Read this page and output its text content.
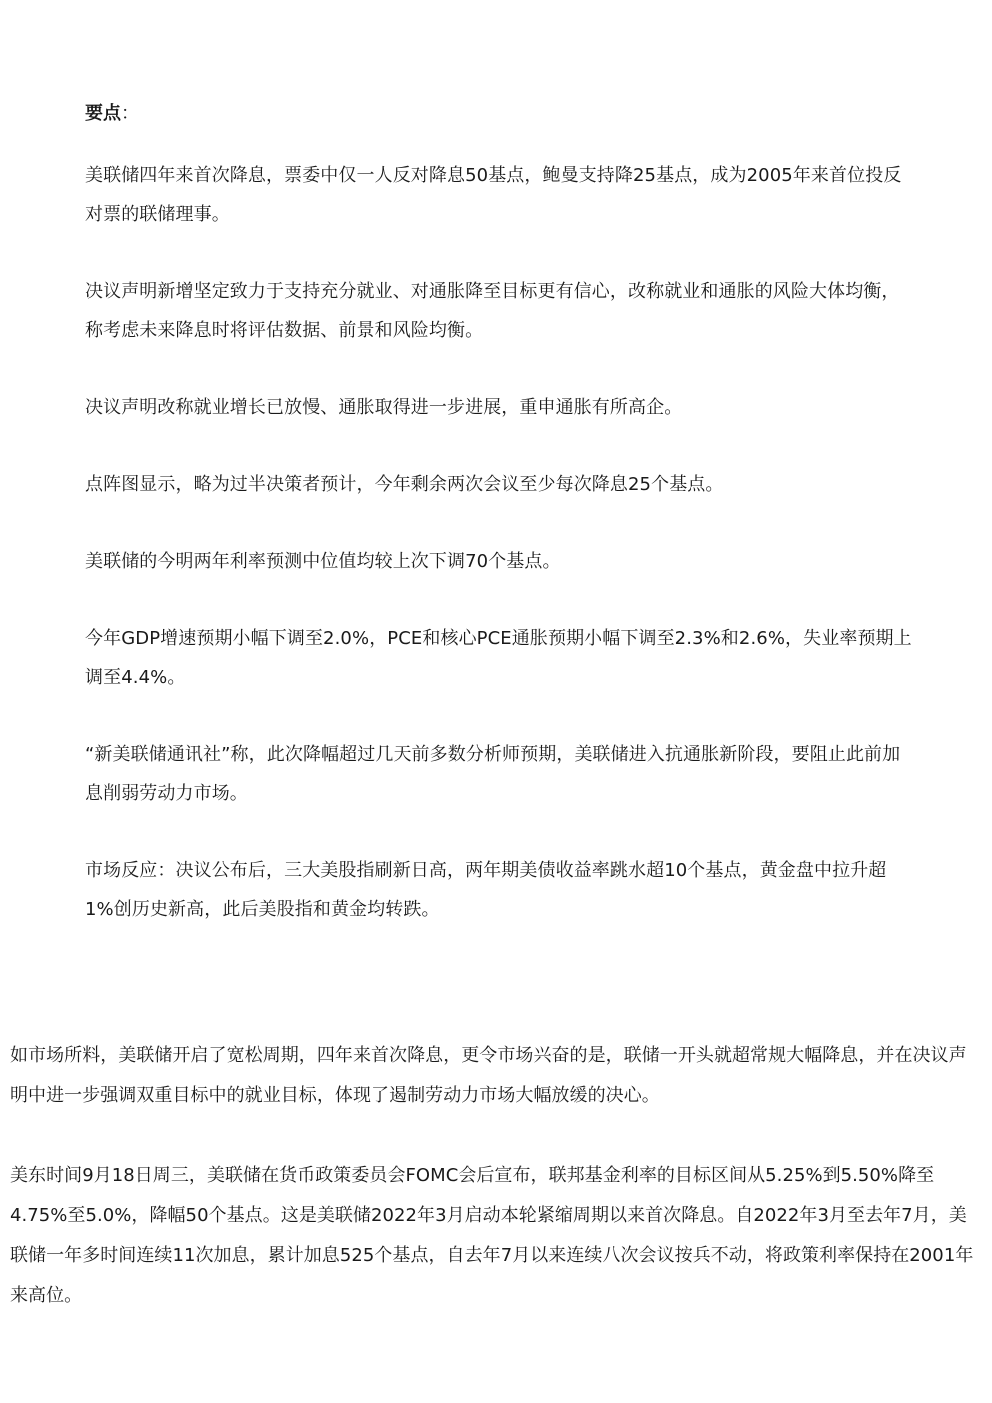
要点：

美联储四年来首次降息，票委中仅一人反对降息50基点，鲍曼支持降25基点，成为2005年来首位投反对票的联储理事。

决议声明新增坚定致力于支持充分就业、对通胀降至目标更有信心，改称就业和通胀的风险大体均衡，称考虑未来降息时将评估数据、前景和风险均衡。

决议声明改称就业增长已放慢、通胀取得进一步进展，重申通胀有所高企。

点阵图显示，略为过半决策者预计，今年剩余两次会议至少每次降息25个基点。

美联储的今明两年利率预测中位值均较上次下调70个基点。

今年GDP增速预期小幅下调至2.0%，PCE和核心PCE通胀预期小幅下调至2.3%和2.6%，失业率预期上调至4.4%。

“新美联储通讯社”称，此次降幅超过几天前多数分析师预期，美联储进入抗通胀新阶段，要阻止此前加息削弱劳动力市场。

市场反应：决议公布后，三大美股指刷新日高，两年期美债收益率跳水超10个基点，黄金盘中拉升超1%创历史新高，此后美股指和黄金均转跌。

如市场所料，美联储开启了宽松周期，四年来首次降息，更令市场兴奋的是，联储一开头就超常规大幅降息，并在决议声明中进一步强调双重目标中的就业目标，体现了遏制劳动力市场大幅放缓的决心。

美东时间9月18日周三，美联储在货币政策委员会FOMC会后宣布，联邦基金利率的目标区间从5.25%到5.50%降至4.75%至5.0%，降幅50个基点。这是美联储2022年3月启动本轮紧缩周期以来首次降息。自2022年3月至去年7月，美联储一年多时间连续11次加息，累计加息525个基点，自去年7月以来连续八次会议按兵不动，将政策利率保持在2001年来高位。
